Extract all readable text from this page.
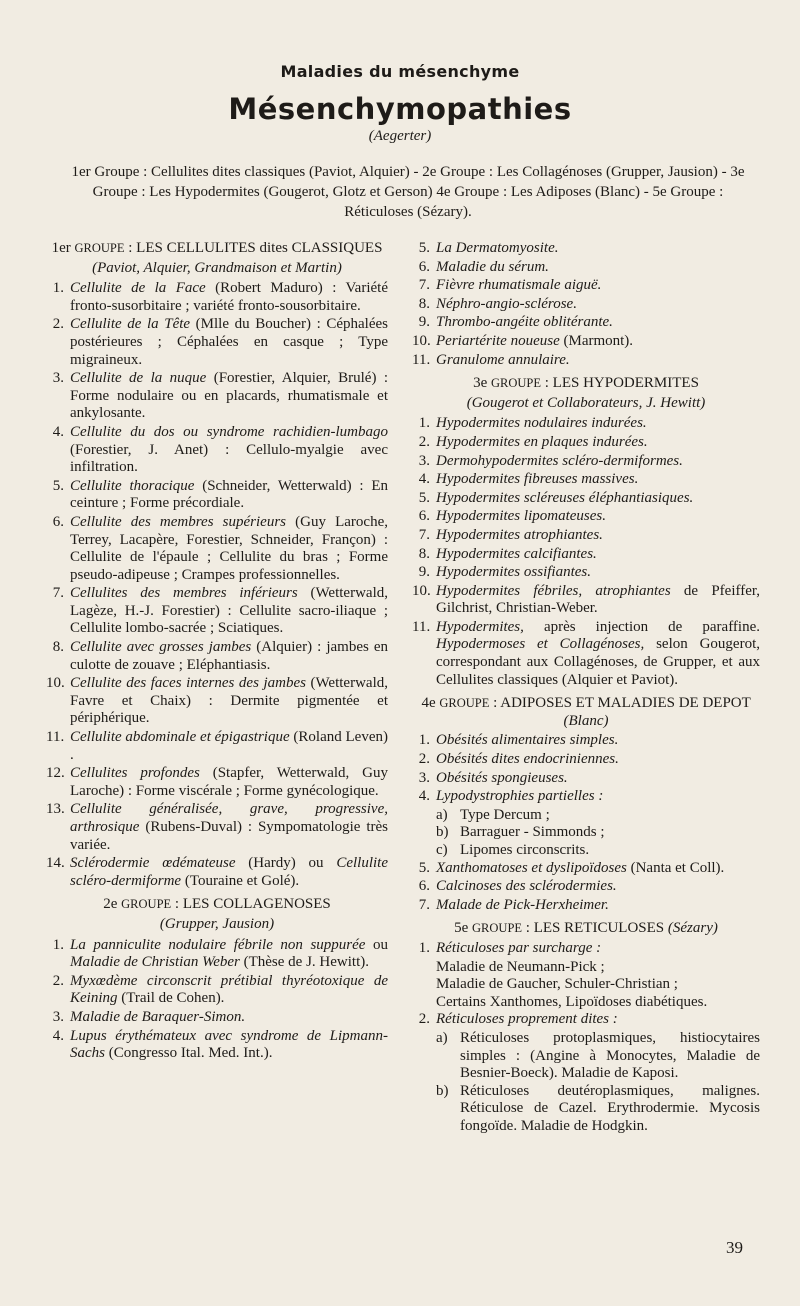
Maladies du mésenchyme
Mésenchymopathies
(Aegerter)
1er Groupe : Cellulites dites classiques (Paviot, Alquier) - 2e Groupe : Les Collagénoses (Grupper, Jausion) - 3e Groupe : Les Hypodermites (Gougerot, Glotz et Gerson) 4e Groupe : Les Adiposes (Blanc) - 5e Groupe : Réticuloses (Sézary).
1er GROUPE : LES CELLULITES dites CLASSIQUES
(Paviot, Alquier, Grandmaison et Martin)
1. Cellulite de la Face (Robert Maduro) : Variété fronto-susorbitaire ; variété fronto-sousorbitaire.
2. Cellulite de la Tête (Mlle du Boucher) : Céphalées postérieures ; Céphalées en casque ; Type migraineux.
3. Cellulite de la nuque (Forestier, Alquier, Brulé) : Forme nodulaire ou en placards, rhumatismale et ankylosante.
4. Cellulite du dos ou syndrome rachidien-lumbago (Forestier, J. Anet) : Cellulo-myalgie avec infiltration.
5. Cellulite thoracique (Schneider, Wetterwald) : En ceinture ; Forme précordiale.
6. Cellulite des membres supérieurs (Guy Laroche, Terrey, Lacapère, Forestier, Schneider, Françon) : Cellulite de l'épaule ; Cellulite du bras ; Forme pseudo-adipeuse ; Crampes professionnelles.
7. Cellulites des membres inférieurs (Wetterwald, Lagèze, H.-J. Forestier) : Cellulite sacro-iliaque ; Cellulite lombo-sacrée ; Sciatiques.
8. Cellulite avec grosses jambes (Alquier) : jambes en culotte de zouave ; Eléphantiasis.
10. Cellulite des faces internes des jambes (Wetterwald, Favre et Chaix) : Dermite pigmentée et périphérique.
11. Cellulite abdominale et épigastrique (Roland Leven) .
12. Cellulites profondes (Stapfer, Wetterwald, Guy Laroche) : Forme viscérale ; Forme gynécologique.
13. Cellulite généralisée, grave, progressive, arthrosique (Rubens-Duval) : Sympomatologie très variée.
14. Sclérodermie œdémateuse (Hardy) ou Cellulite scléro-dermiforme (Touraine et Golé).
2e GROUPE : LES COLLAGENOSES
(Grupper, Jausion)
1. La panniculite nodulaire fébrile non suppurée ou Maladie de Christian Weber (Thèse de J. Hewitt).
2. Myxœdème circonscrit prétibial thyréotoxique de Keining (Trail de Cohen).
3. Maladie de Baraquer-Simon.
4. Lupus érythémateux avec syndrome de Lipmann-Sachs (Congresso Ital. Med. Int.).
5. La Dermatomyosite.
6. Maladie du sérum.
7. Fièvre rhumatismale aiguë.
8. Néphro-angio-sclérose.
9. Thrombo-angéite oblitérante.
10. Periartérite noueuse (Marmont).
11. Granulome annulaire.
3e GROUPE : LES HYPODERMITES
(Gougerot et Collaborateurs, J. Hewitt)
1. Hypodermites nodulaires indurées.
2. Hypodermites en plaques indurées.
3. Dermohypodermites scléro-dermiformes.
4. Hypodermites fibreuses massives.
5. Hypodermites scléreuses éléphantiasiques.
6. Hypodermites lipomateuses.
7. Hypodermites atrophiantes.
8. Hypodermites calcifiantes.
9. Hypodermites ossifiantes.
10. Hypodermites fébriles, atrophiantes de Pfeiffer, Gilchrist, Christian-Weber.
11. Hypodermites, après injection de paraffine. Hypodermoses et Collagénoses, selon Gougerot, correspondant aux Collagénoses, de Grupper, et aux Cellulites classiques (Alquier et Paviot).
4e GROUPE : ADIPOSES ET MALADIES DE DEPOT (Blanc)
1. Obésités alimentaires simples.
2. Obésités dites endocriniennes.
3. Obésités spongieuses.
4. Lypodystrophies partielles :
a) Type Dercum ;
b) Barraguer - Simmonds ;
c) Lipomes circonscrits.
5. Xanthomatoses et dyslipoïdoses (Nanta et Coll).
6. Calcinoses des sclérodermies.
7. Malade de Pick-Herxheimer.
5e GROUPE : LES RETICULOSES (Sézary)
1. Réticuloses par surcharge :
Maladie de Neumann-Pick ;
Maladie de Gaucher, Schuler-Christian ;
Certains Xanthomes, Lipoïdoses diabétiques.
2. Réticuloses proprement dites :
a) Réticuloses protoplasmiques, histiocytaires simples : (Angine à Monocytes, Maladie de Besnier-Boeck). Maladie de Kaposi.
b) Réticuloses deutéroplasmiques, malignes. Réticulose de Cazel. Erythrodermie. Mycosis fongoïde. Maladie de Hodgkin.
39
